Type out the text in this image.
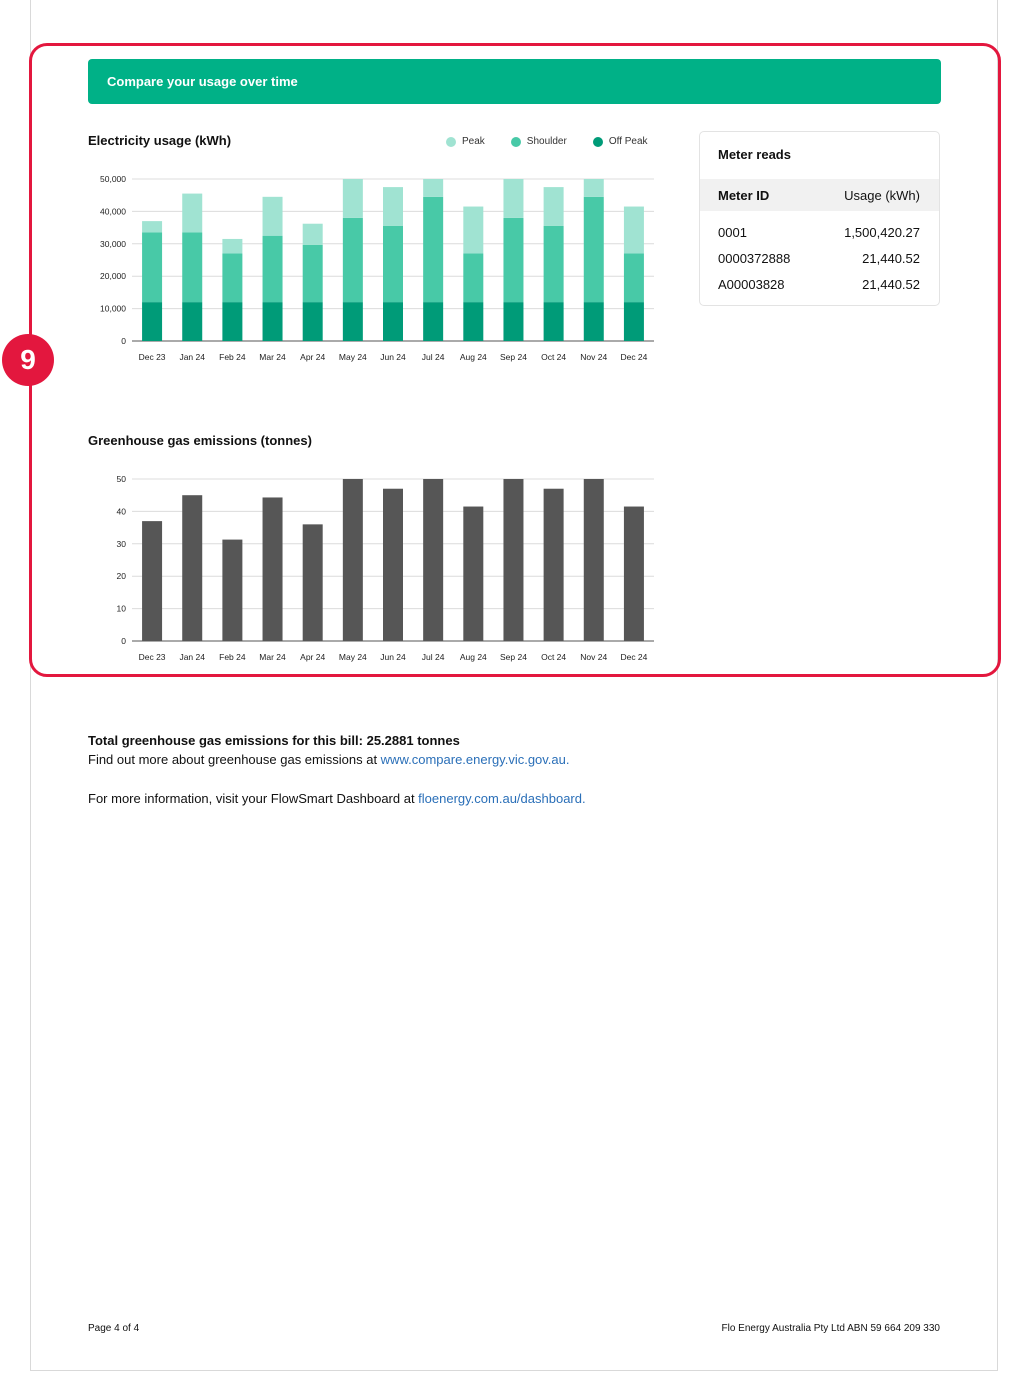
9
Compare your usage over time
Electricity usage (kWh)	Peak	Shoulder	Off Peak
0
10,000
20,000
30,000
40,000
50,000
Dec 23 Jan 24 Feb 24 Mar 24 Apr 24 May 24 Jun 24 Jul 24 Aug 24 Sep 24 Oct 24 Nov 24 Dec 24
0
10
20
30
40
50
Dec 23 Jan 24 Feb 24 Mar 24 Apr 24 May 24 Jun 24 Jul 24 Aug 24 Sep 24 Oct 24 Nov 24 Dec 24
Greenhouse gas emissions (tonnes)
Meter reads
Meter ID	Usage (kWh)
0001	1,500,420.27
0000372888	21,440.52
A00003828	21,440.52
Total greenhouse gas emissions for this bill: 25.2881 tonnes
Find out more about greenhouse gas emissions at www.compare.energy.vic.gov.au.
For more information, visit your FlowSmart Dashboard at floenergy.com.au/dashboard.
Page 4 of 4	Flo Energy Australia Pty Ltd ABN 59 664 209 330
